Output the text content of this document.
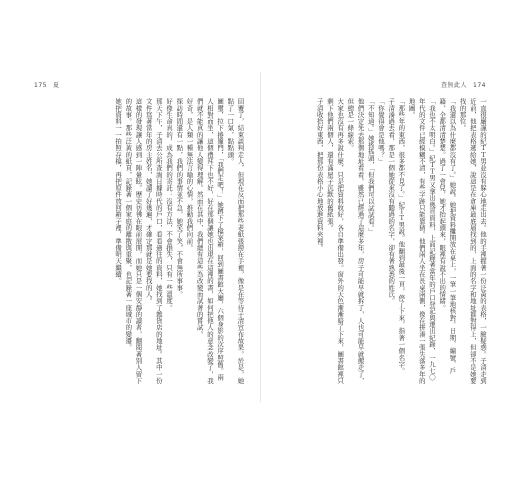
175 夏
回覆了，結束談判走人，但現在反而把那些老紙張撈在手裡，像是在等待子清宣布故果。於是，她點了一口氣，點點頭。
圖璽，拉下捲簾門，「我們走吧！」她蹲下了檔案箱，回到圖書館大廳，六個身影的次序照舊。兩人相對而坐，這個禮拜下也不好，好在那個讓她也出現在這裡的書，如何把他人的意念改變了，我們就不能真的讓他人變得理解。然而在其中，我們總有這些為改變而試著的嘗試。
好奇，是人類一種無法言喻的心情，推動我們向前。
探訪時間還有一點，我們的事情並不急，她笑了笑，不會無所事事。
好像生命真的，成為我們的寄託：沒有方法，不會損失，只有一些溫度。
那天下午，子清去公所查詢日據時代的戶口，看看過往的資料，她找到了雜貨店的地址。其中一份文件寫著當年的房主姓名，她讀了好幾遍，才確定那就是她要找的人。
這樣的發現讓人感到一陣暈眩。歷史彷彿在眼前展開，而她只是一個安靜的讀者，翻閱著別人留下的故事。那些泛黃的紙頁，記錄著一個家庭的離散與重聚，也記錄著一座城市的變遷。
她把資料一一拍照存檔，再把原件放回箱子裡，準備明天繼續。
查無此人 174
一直很嚴謹的紀ＴＴ男並沒有躲心地走出去。他的手裡握著一份泛黃的表格，一臉疑惑。子清走到近前，他把表格遞給她，說這是在倉庫最底層找到的，上面的名字和地址都對得上，但卻不是她要找的那位。
「我還以為什麼都沒有了。」她說。她把資料攤開放在桌上，一筆一筆地核對。日期、編號、戶籍，全都清清楚楚。過了一會兒，她才抬起頭來，眼裡有說不出的情緒。
「我也不太明白。」紀ＴＴ男又拿出幾頁資料，上面記錄著當年的戶口登記與遷出紀錄，一九七〇年代的文件已經模糊不清，有些字跡只能靠猜。他們兩人坐在長桌兩側，像在拼湊一張失落多年的地圖。
「那些年的東西，很多都不見了。」紀ＴＴ男說。他翻到最後一頁，停了下來，指著一個名字。
子清湊過去看，那是一個她從來沒有聽過的名字，卻有著熟悉的姓氏。
「你覺得會是他嗎？」
「不知道。」她搖搖頭，「但我們可以試試看。」
他們決定先去那個地址看看。雖然已經過了這麼多年，房子可能早就拆了，人也可能早就搬走了，但總是一條線索。
大家也沒有再多說什麼，只是把資料收好，各自準備出發。窗外的天色漸漸暗了下來，圖書館裡只剩下他們兩個人，還有滿屋子沉默的舊紙張。
子清收拾好東西，把那份表格小心地放進資料夾裡。
